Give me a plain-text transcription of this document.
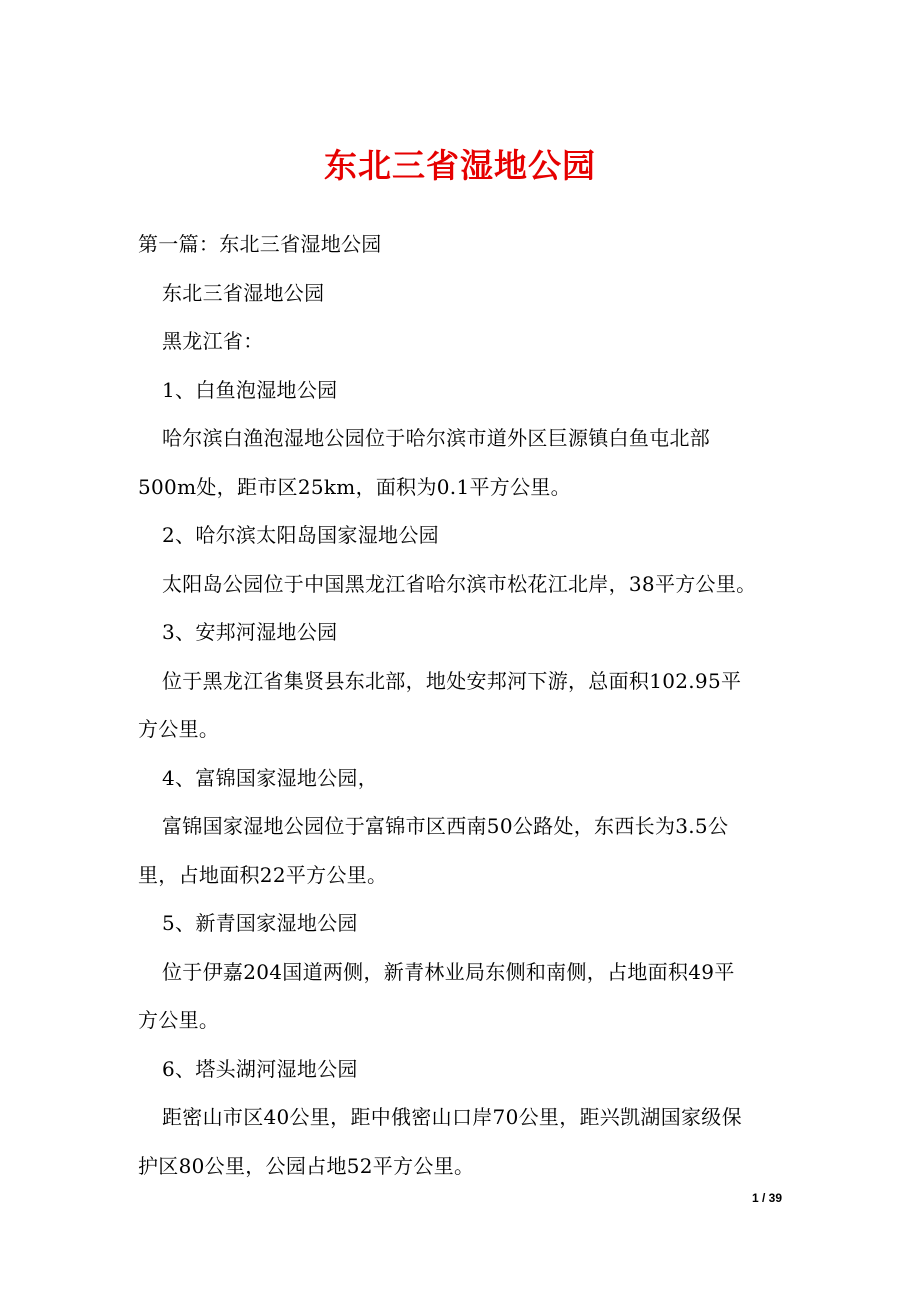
东北三省湿地公园

第一篇：东北三省湿地公园

东北三省湿地公园

黑龙江省：

1、白鱼泡湿地公园

哈尔滨白渔泡湿地公园位于哈尔滨市道外区巨源镇白鱼屯北部

500m处，距市区25km，面积为0.1平方公里。

2、哈尔滨太阳岛国家湿地公园

太阳岛公园位于中国黑龙江省哈尔滨市松花江北岸，38平方公里。

3、安邦河湿地公园

位于黑龙江省集贤县东北部，地处安邦河下游，总面积102.95平

方公里。

4、富锦国家湿地公园，

富锦国家湿地公园位于富锦市区西南50公路处，东西长为3.5公

里，占地面积22平方公里。

5、新青国家湿地公园

位于伊嘉204国道两侧，新青林业局东侧和南侧，占地面积49平

方公里。

6、塔头湖河湿地公园

距密山市区40公里，距中俄密山口岸70公里，距兴凯湖国家级保

护区80公里，公园占地52平方公里。

1 / 39
